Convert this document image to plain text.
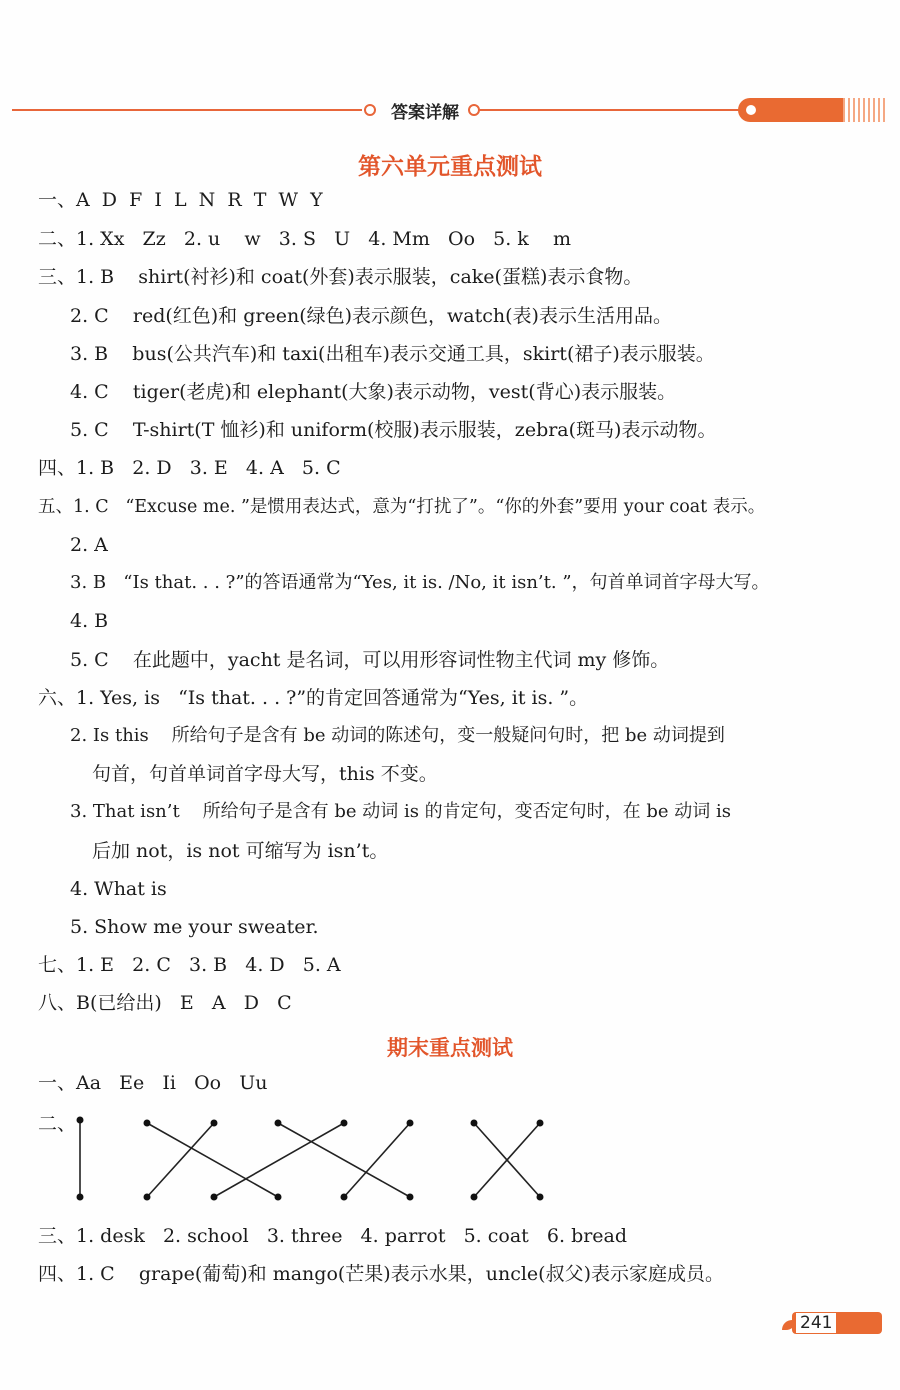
答案详解
第六单元重点测试
一、A  D  F  I  L  N  R  T  W  Y
二、1. Xx   Zz   2. u    w   3. S   U   4. Mm   Oo   5. k    m
三、1. B    shirt(衬衫)和 coat(外套)表示服装，cake(蛋糕)表示食物。
2. C    red(红色)和 green(绿色)表示颜色，watch(表)表示生活用品。
3. B    bus(公共汽车)和 taxi(出租车)表示交通工具，skirt(裙子)表示服装。
4. C    tiger(老虎)和 elephant(大象)表示动物，vest(背心)表示服装。
5. C    T-shirt(T 恤衫)和 uniform(校服)表示服装，zebra(斑马)表示动物。
四、1. B   2. D   3. E   4. A   5. C
五、1. C   “Excuse me. ”是惯用表达式，意为“打扰了”。“你的外套”要用 your coat 表示。
2. A
3. B   “Is that. . . ?”的答语通常为“Yes, it is. /No, it isn’t. ”，句首单词首字母大写。
4. B
5. C    在此题中，yacht 是名词，可以用形容词性物主代词 my 修饰。
六、1. Yes, is   “Is that. . . ?”的肯定回答通常为“Yes, it is. ”。
2. Is this    所给句子是含有 be 动词的陈述句，变一般疑问句时，把 be 动词提到
句首，句首单词首字母大写，this 不变。
3. That isn’t    所给句子是含有 be 动词 is 的肯定句，变否定句时，在 be 动词 is
后加 not，is not 可缩写为 isn’t。
4. What is
5. Show me your sweater.
七、1. E   2. C   3. B   4. D   5. A
八、B(已给出)   E   A   D   C
期末重点测试
一、Aa   Ee   Ii   Oo   Uu
二、
三、1. desk   2. school   3. three   4. parrot   5. coat   6. bread
四、1. C    grape(葡萄)和 mango(芒果)表示水果，uncle(叔父)表示家庭成员。
241
